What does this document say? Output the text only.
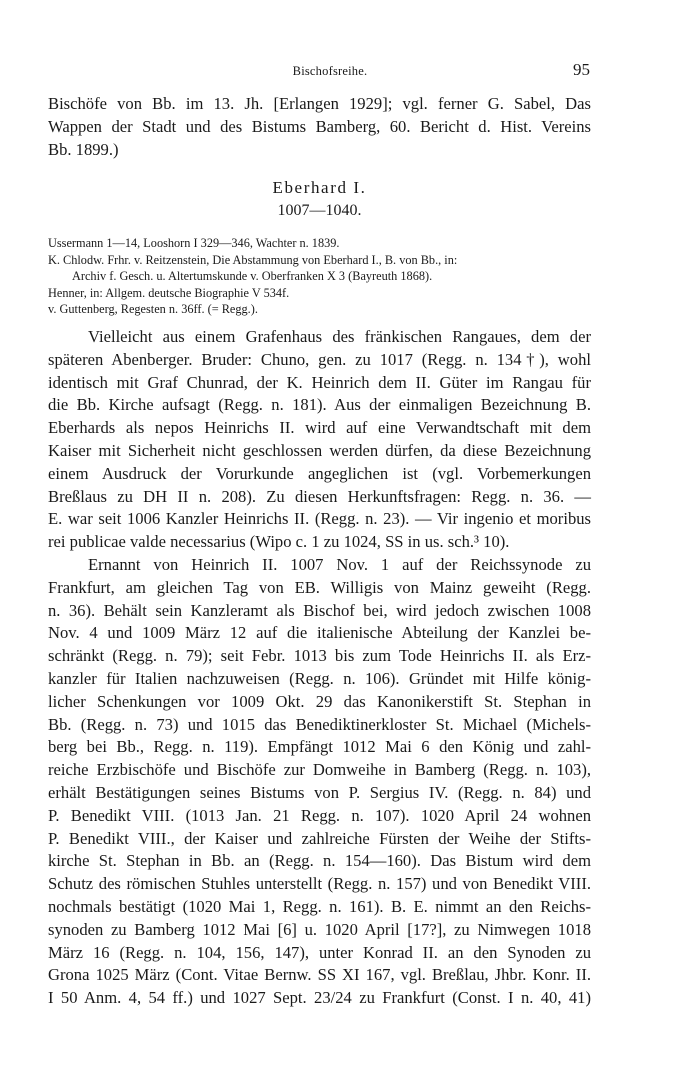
Bischofsreihe.	95
Bischöfe von Bb. im 13. Jh. [Erlangen 1929]; vgl. ferner G. Sabel, Das
Wappen der Stadt und des Bistums Bamberg, 60. Bericht d. Hist. Vereins
Bb. 1899.)
Eberhard I.
1007—1040.
Ussermann 1—14, Looshorn I 329—346, Wachter n. 1839.
K. Chlodw. Frhr. v. Reitzenstein, Die Abstammung von Eberhard I., B. von Bb., in:
Archiv f. Gesch. u. Altertumskunde v. Oberfranken X 3 (Bayreuth 1868).
Henner, in: Allgem. deutsche Biographie V 534f.
v. Guttenberg, Regesten n. 36ff. (= Regg.).
Vielleicht aus einem Grafenhaus des fränkischen Rangaues, dem der
späteren Abenberger. Bruder: Chuno, gen. zu 1017 (Regg. n. 134†), wohl
identisch mit Graf Chunrad, der K. Heinrich dem II. Güter im Rangau für
die Bb. Kirche aufsagt (Regg. n. 181). Aus der einmaligen Bezeichnung B.
Eberhards als nepos Heinrichs II. wird auf eine Verwandtschaft mit dem
Kaiser mit Sicherheit nicht geschlossen werden dürfen, da diese Bezeichnung
einem Ausdruck der Vorurkunde angeglichen ist (vgl. Vorbemerkungen
Breßlaus zu DH II n. 208). Zu diesen Herkunftsfragen: Regg. n. 36. —
E. war seit 1006 Kanzler Heinrichs II. (Regg. n. 23). — Vir ingenio et moribus
rei publicae valde necessarius (Wipo c. 1 zu 1024, SS in us. sch.³ 10).
Ernannt von Heinrich II. 1007 Nov. 1 auf der Reichssynode zu
Frankfurt, am gleichen Tag von EB. Willigis von Mainz geweiht (Regg.
n. 36). Behält sein Kanzleramt als Bischof bei, wird jedoch zwischen 1008
Nov. 4 und 1009 März 12 auf die italienische Abteilung der Kanzlei be-
schränkt (Regg. n. 79); seit Febr. 1013 bis zum Tode Heinrichs II. als Erz-
kanzler für Italien nachzuweisen (Regg. n. 106). Gründet mit Hilfe könig-
licher Schenkungen vor 1009 Okt. 29 das Kanonikerstift St. Stephan in
Bb. (Regg. n. 73) und 1015 das Benediktinerkloster St. Michael (Michels-
berg bei Bb., Regg. n. 119). Empfängt 1012 Mai 6 den König und zahl-
reiche Erzbischöfe und Bischöfe zur Domweihe in Bamberg (Regg. n. 103),
erhält Bestätigungen seines Bistums von P. Sergius IV. (Regg. n. 84) und
P. Benedikt VIII. (1013 Jan. 21 Regg. n. 107). 1020 April 24 wohnen
P. Benedikt VIII., der Kaiser und zahlreiche Fürsten der Weihe der Stifts-
kirche St. Stephan in Bb. an (Regg. n. 154—160). Das Bistum wird dem
Schutz des römischen Stuhles unterstellt (Regg. n. 157) und von Benedikt VIII.
nochmals bestätigt (1020 Mai 1, Regg. n. 161). B. E. nimmt an den Reichs-
synoden zu Bamberg 1012 Mai [6] u. 1020 April [17?], zu Nimwegen 1018
März 16 (Regg. n. 104, 156, 147), unter Konrad II. an den Synoden zu
Grona 1025 März (Cont. Vitae Bernw. SS XI 167, vgl. Breßlau, Jhbr. Konr. II.
I 50 Anm. 4, 54 ff.) und 1027 Sept. 23/24 zu Frankfurt (Const. I n. 40, 41)
